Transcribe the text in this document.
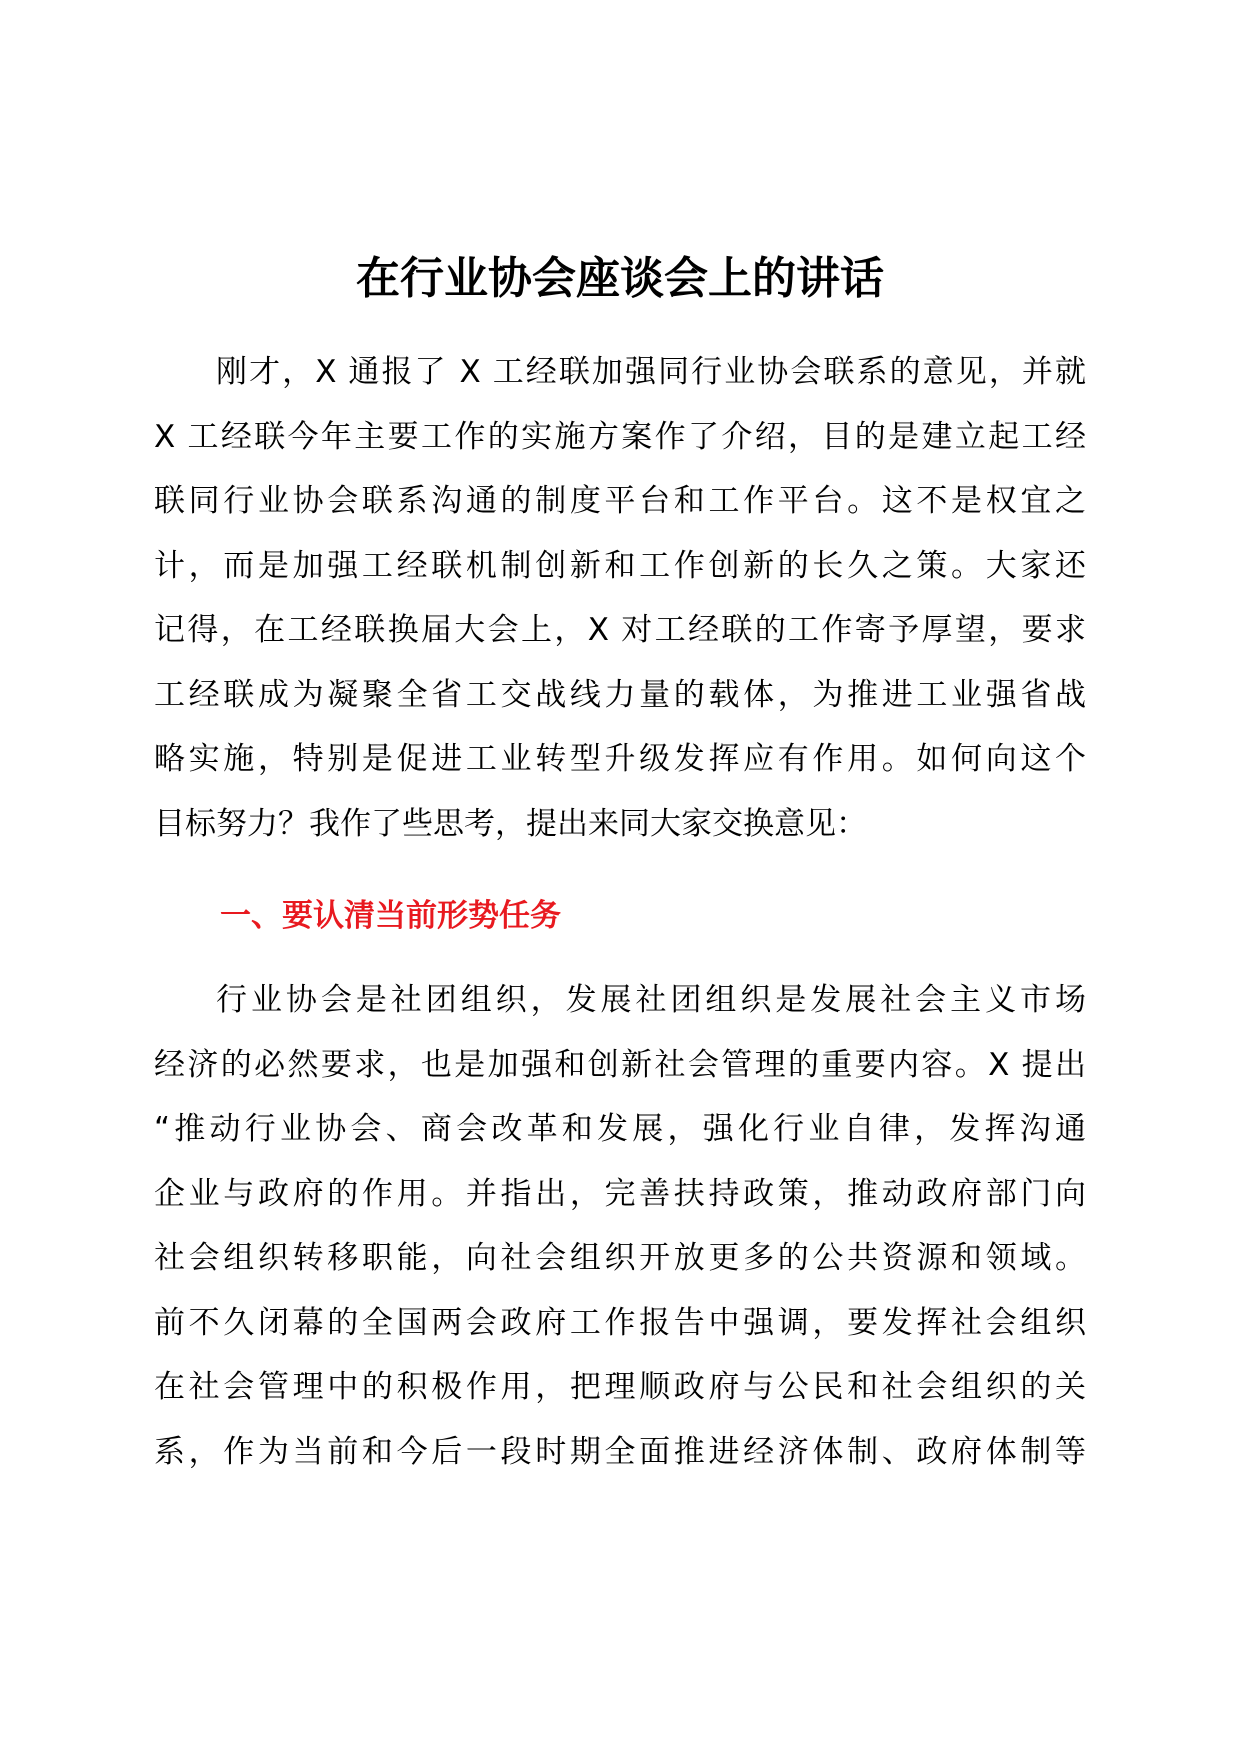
在行业协会座谈会上的讲话
刚才，X 通报了 X 工经联加强同行业协会联系的意见，并就
X 工经联今年主要工作的实施方案作了介绍，目的是建立起工经
联同行业协会联系沟通的制度平台和工作平台。这不是权宜之
计，而是加强工经联机制创新和工作创新的长久之策。大家还
记得，在工经联换届大会上，X 对工经联的工作寄予厚望，要求
工经联成为凝聚全省工交战线力量的载体，为推进工业强省战
略实施，特别是促进工业转型升级发挥应有作用。如何向这个
目标努力？我作了些思考，提出来同大家交换意见：
一、要认清当前形势任务
行业协会是社团组织，发展社团组织是发展社会主义市场
经济的必然要求，也是加强和创新社会管理的重要内容。X 提出
“推动行业协会、商会改革和发展，强化行业自律，发挥沟通
企业与政府的作用。并指出，完善扶持政策，推动政府部门向
社会组织转移职能，向社会组织开放更多的公共资源和领域。
前不久闭幕的全国两会政府工作报告中强调，要发挥社会组织
在社会管理中的积极作用，把理顺政府与公民和社会组织的关
系，作为当前和今后一段时期全面推进经济体制、政府体制等
